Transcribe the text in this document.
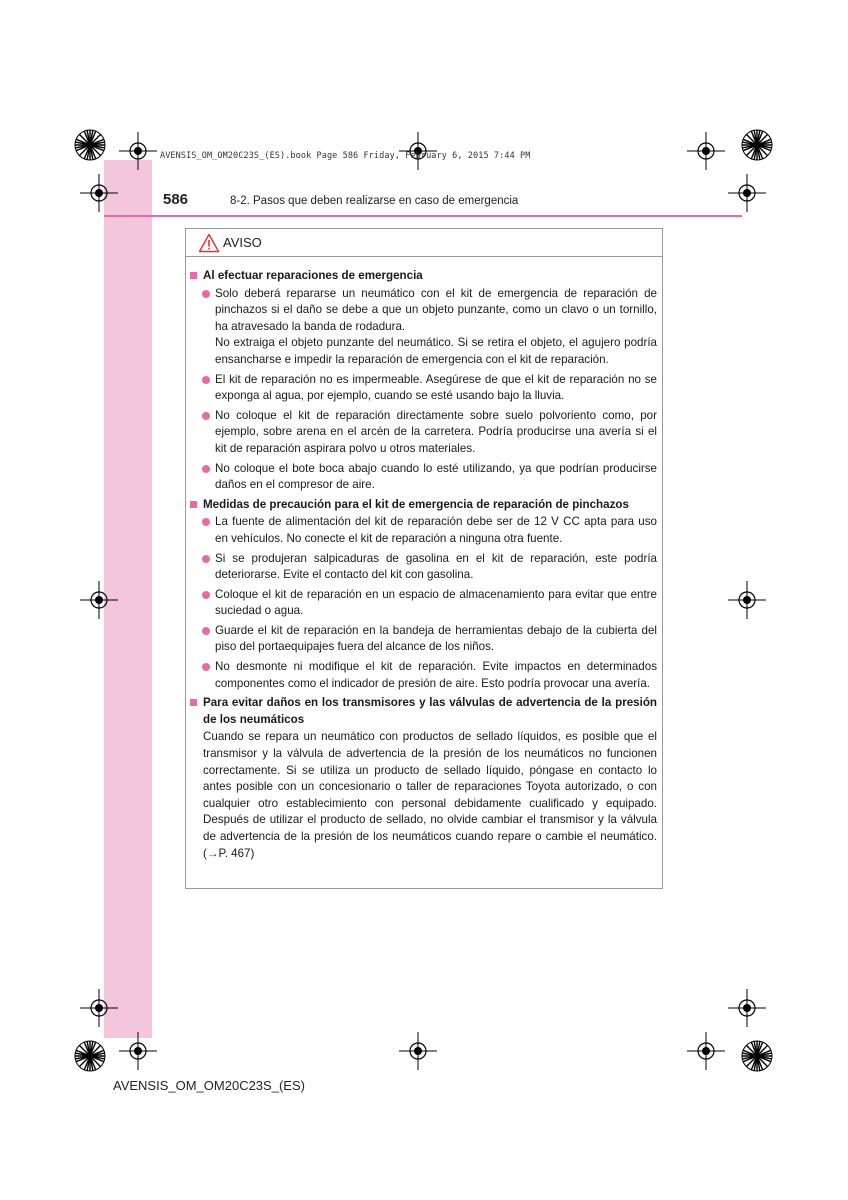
AVENSIS_OM_OM20C23S_(ES).book Page 586 Friday, February 6, 2015 7:44 PM
586	8-2. Pasos que deben realizarse en caso de emergencia
AVISO
Al efectuar reparaciones de emergencia
Solo deberá repararse un neumático con el kit de emergencia de reparación de pinchazos si el daño se debe a que un objeto punzante, como un clavo o un tornillo, ha atravesado la banda de rodadura.
No extraiga el objeto punzante del neumático. Si se retira el objeto, el agujero podría ensancharse e impedir la reparación de emergencia con el kit de reparación.
El kit de reparación no es impermeable. Asegúrese de que el kit de reparación no se exponga al agua, por ejemplo, cuando se esté usando bajo la lluvia.
No coloque el kit de reparación directamente sobre suelo polvoriento como, por ejemplo, sobre arena en el arcén de la carretera. Podría producirse una avería si el kit de reparación aspirara polvo u otros materiales.
No coloque el bote boca abajo cuando lo esté utilizando, ya que podrían producirse daños en el compresor de aire.
Medidas de precaución para el kit de emergencia de reparación de pinchazos
La fuente de alimentación del kit de reparación debe ser de 12 V CC apta para uso en vehículos. No conecte el kit de reparación a ninguna otra fuente.
Si se produjeran salpicaduras de gasolina en el kit de reparación, este podría deteriorarse. Evite el contacto del kit con gasolina.
Coloque el kit de reparación en un espacio de almacenamiento para evitar que entre suciedad o agua.
Guarde el kit de reparación en la bandeja de herramientas debajo de la cubierta del piso del portaequipajes fuera del alcance de los niños.
No desmonte ni modifique el kit de reparación. Evite impactos en determinados componentes como el indicador de presión de aire. Esto podría provocar una avería.
Para evitar daños en los transmisores y las válvulas de advertencia de la presión de los neumáticos
Cuando se repara un neumático con productos de sellado líquidos, es posible que el transmisor y la válvula de advertencia de la presión de los neumáticos no funcionen correctamente. Si se utiliza un producto de sellado líquido, póngase en contacto lo antes posible con un concesionario o taller de reparaciones Toyota autorizado, o con cualquier otro establecimiento con personal debidamente cualificado y equipado. Después de utilizar el producto de sellado, no olvide cambiar el transmisor y la válvula de advertencia de la presión de los neumáticos cuando repare o cambie el neumático. (→P. 467)
AVENSIS_OM_OM20C23S_(ES)
